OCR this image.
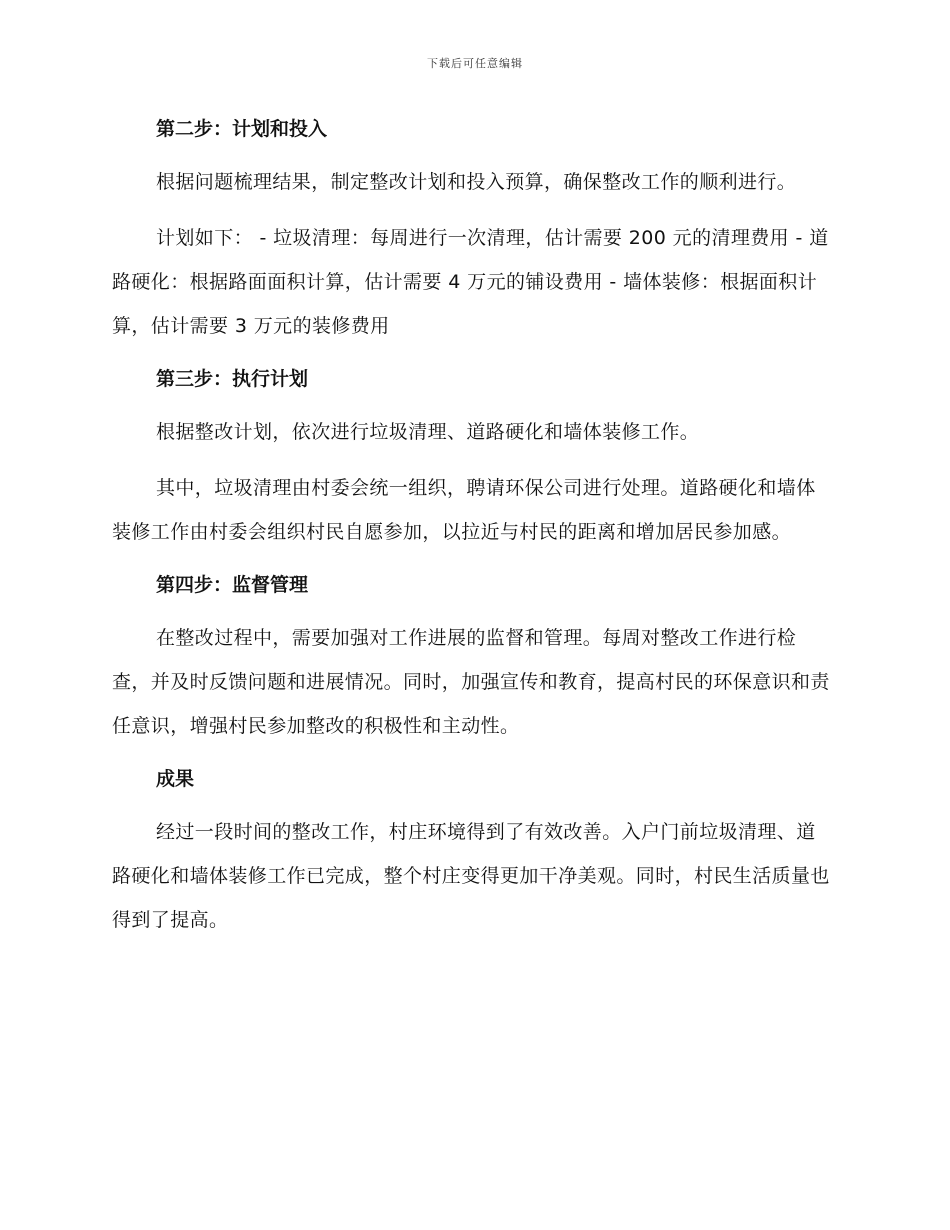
下载后可任意编辑
第二步：计划和投入
根据问题梳理结果，制定整改计划和投入预算，确保整改工作的顺利进行。
计划如下： - 垃圾清理：每周进行一次清理，估计需要 200 元的清理费用 - 道路硬化：根据路面面积计算，估计需要 4 万元的铺设费用 - 墙体装修：根据面积计算，估计需要 3 万元的装修费用
第三步：执行计划
根据整改计划，依次进行垃圾清理、道路硬化和墙体装修工作。
其中，垃圾清理由村委会统一组织，聘请环保公司进行处理。道路硬化和墙体装修工作由村委会组织村民自愿参加，以拉近与村民的距离和增加居民参加感。
第四步：监督管理
在整改过程中，需要加强对工作进展的监督和管理。每周对整改工作进行检查，并及时反馈问题和进展情况。同时，加强宣传和教育，提高村民的环保意识和责任意识，增强村民参加整改的积极性和主动性。
成果
经过一段时间的整改工作，村庄环境得到了有效改善。入户门前垃圾清理、道路硬化和墙体装修工作已完成，整个村庄变得更加干净美观。同时，村民生活质量也得到了提高。
